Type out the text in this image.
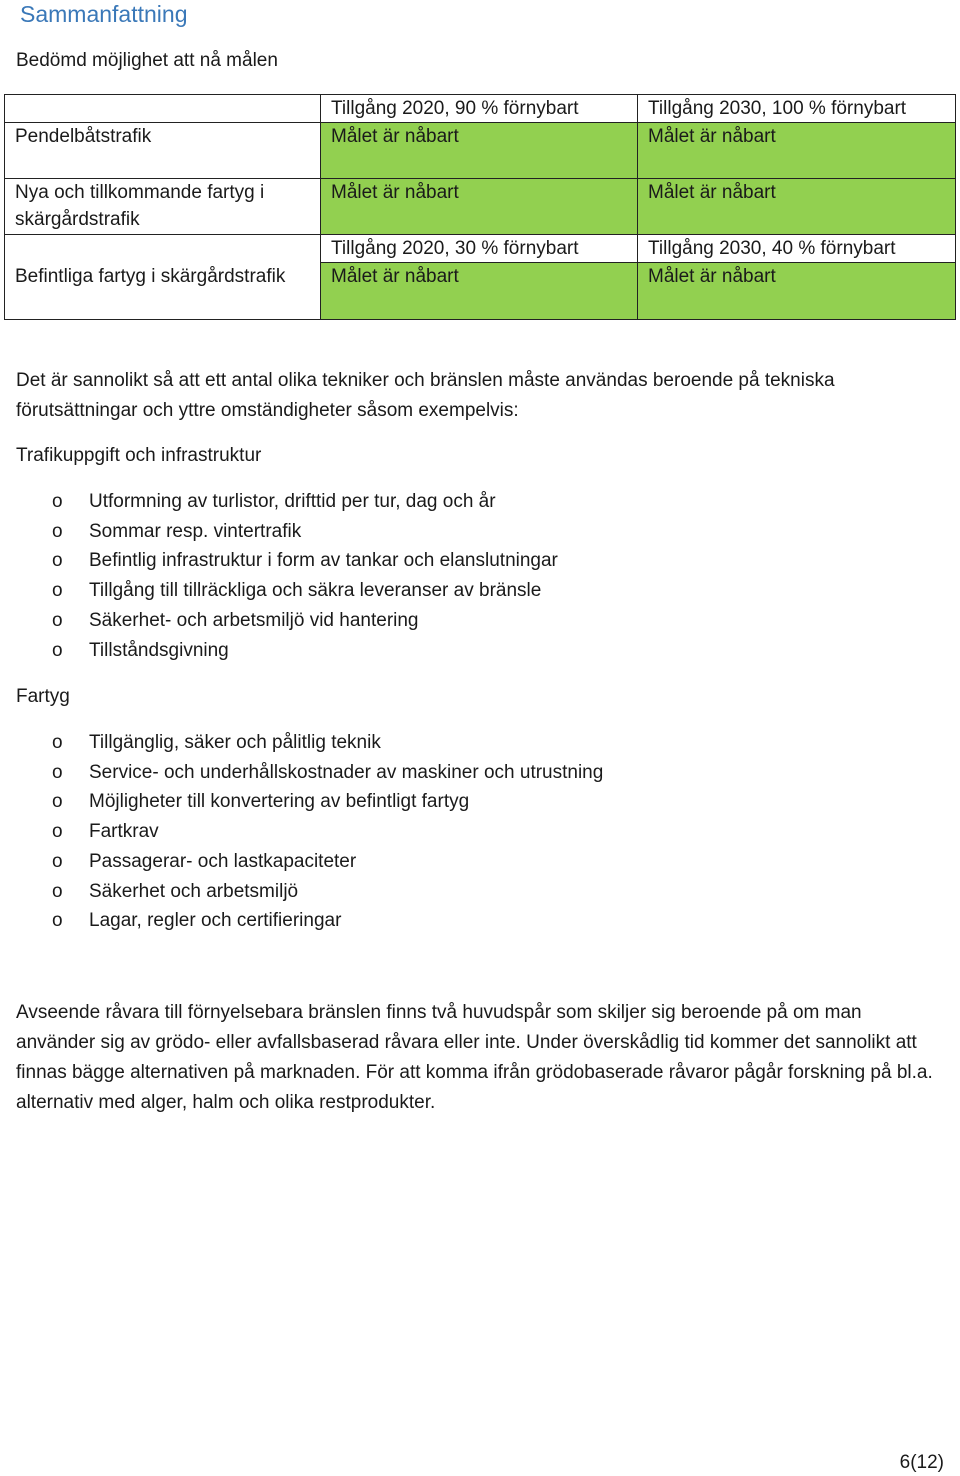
Sammanfattning
Bedömd möjlighet att nå målen
	Tillgång 2020, 90 % förnybart	Tillgång 2030, 100 % förnybart
Pendelbåtstrafik	Målet är nåbart	Målet är nåbart
Nya och tillkommande fartyg i skärgårdstrafik	Målet är nåbart	Målet är nåbart
Befintliga fartyg i skärgårdstrafik	Tillgång 2020, 30 % förnybart	Tillgång 2030, 40 % förnybart
	Målet är nåbart	Målet är nåbart
Det är sannolikt så att ett antal olika tekniker och bränslen måste användas beroende på tekniska förutsättningar och yttre omständigheter såsom exempelvis:
Trafikuppgift och infrastruktur
o	Utformning av turlistor, drifttid per tur, dag och år
o	Sommar resp. vintertrafik
o	Befintlig infrastruktur i form av tankar och elanslutningar
o	Tillgång till tillräckliga och säkra leveranser av bränsle
o	Säkerhet- och arbetsmiljö vid hantering
o	Tillståndsgivning
Fartyg
o	Tillgänglig, säker och pålitlig teknik
o	Service- och underhållskostnader av maskiner och utrustning
o	Möjligheter till konvertering av befintligt fartyg
o	Fartkrav
o	Passagerar- och lastkapaciteter
o	Säkerhet och arbetsmiljö
o	Lagar, regler och certifieringar
Avseende råvara till förnyelsebara bränslen finns två huvudspår som skiljer sig beroende på om man använder sig av grödo- eller avfallsbaserad råvara eller inte. Under överskådlig tid kommer det sannolikt att finnas bägge alternativen på marknaden. För att komma ifrån grödobaserade råvaror pågår forskning på bl.a. alternativ med alger, halm och olika restprodukter.
6(12)
